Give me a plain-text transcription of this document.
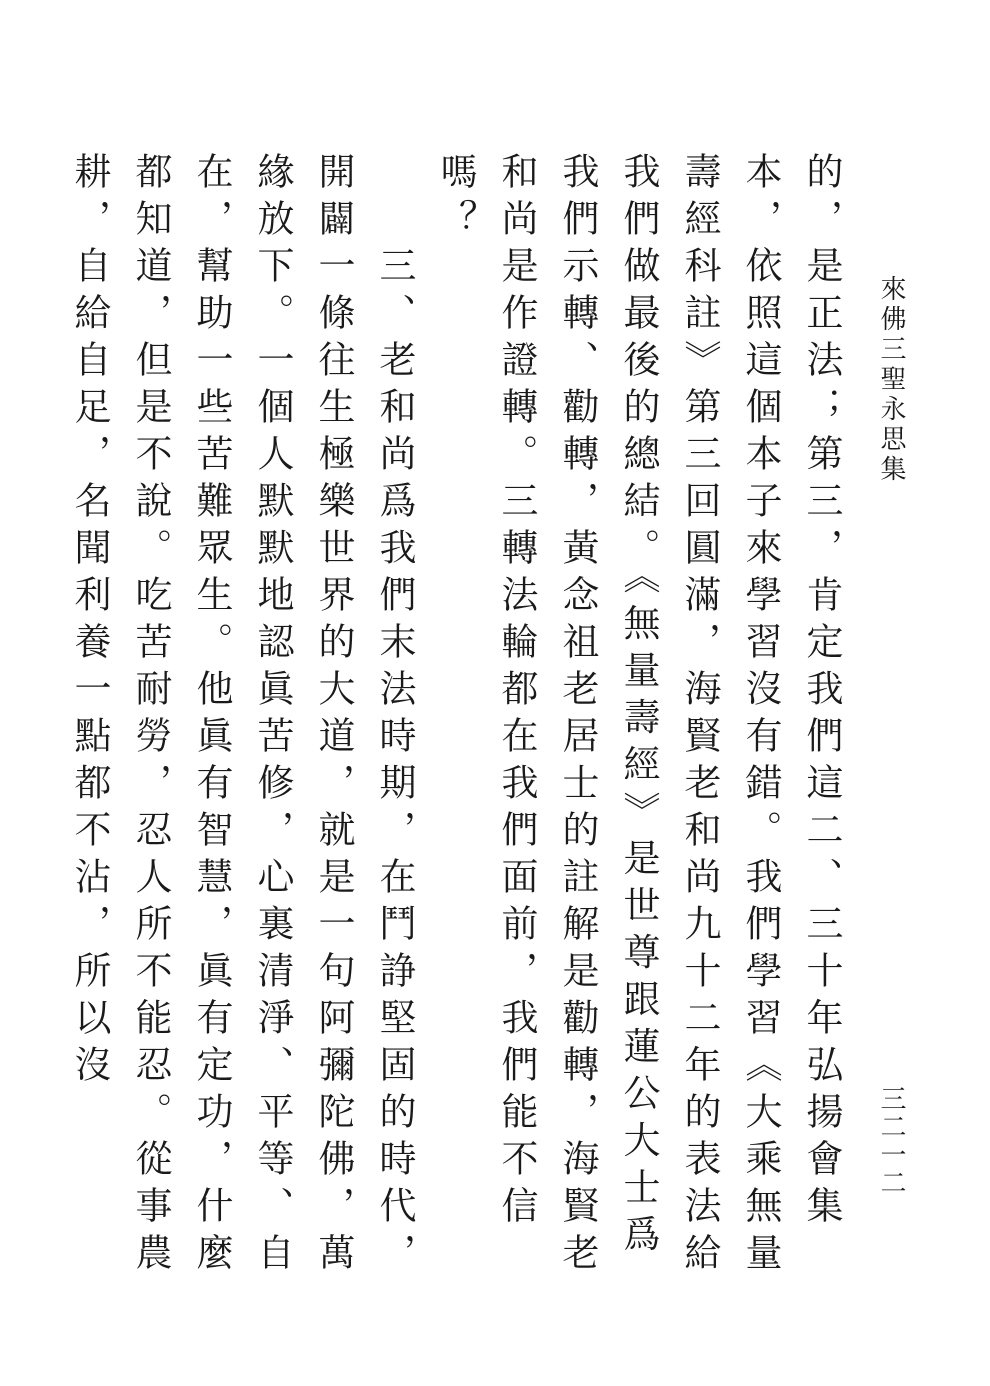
來佛三聖永思集
三二一二

的，是正法；第三，肯定我們這二、三十年弘揚會集本，依照這個本子來學習沒有錯。我們學習《大乘無量壽經科註》第三回圓滿，海賢老和尚九十二年的表法給我們做最後的總結。《無量壽經》是世尊跟蓮公大士爲我們示轉、勸轉，黃念祖老居士的註解是勸轉，海賢老和尚是作證轉。三轉法輪都在我們面前，我們能不信嗎？

三、老和尚爲我們末法時期，在鬥諍堅固的時代，開闢一條往生極樂世界的大道，就是一句阿彌陀佛，萬緣放下。一個人默默地認眞苦修，心裏清淨、平等、自在，幫助一些苦難眾生。他眞有智慧，眞有定功，什麼都知道，但是不說。吃苦耐勞，忍人所不能忍。從事農耕，自給自足，名聞利養一點都不沾，所以沒
